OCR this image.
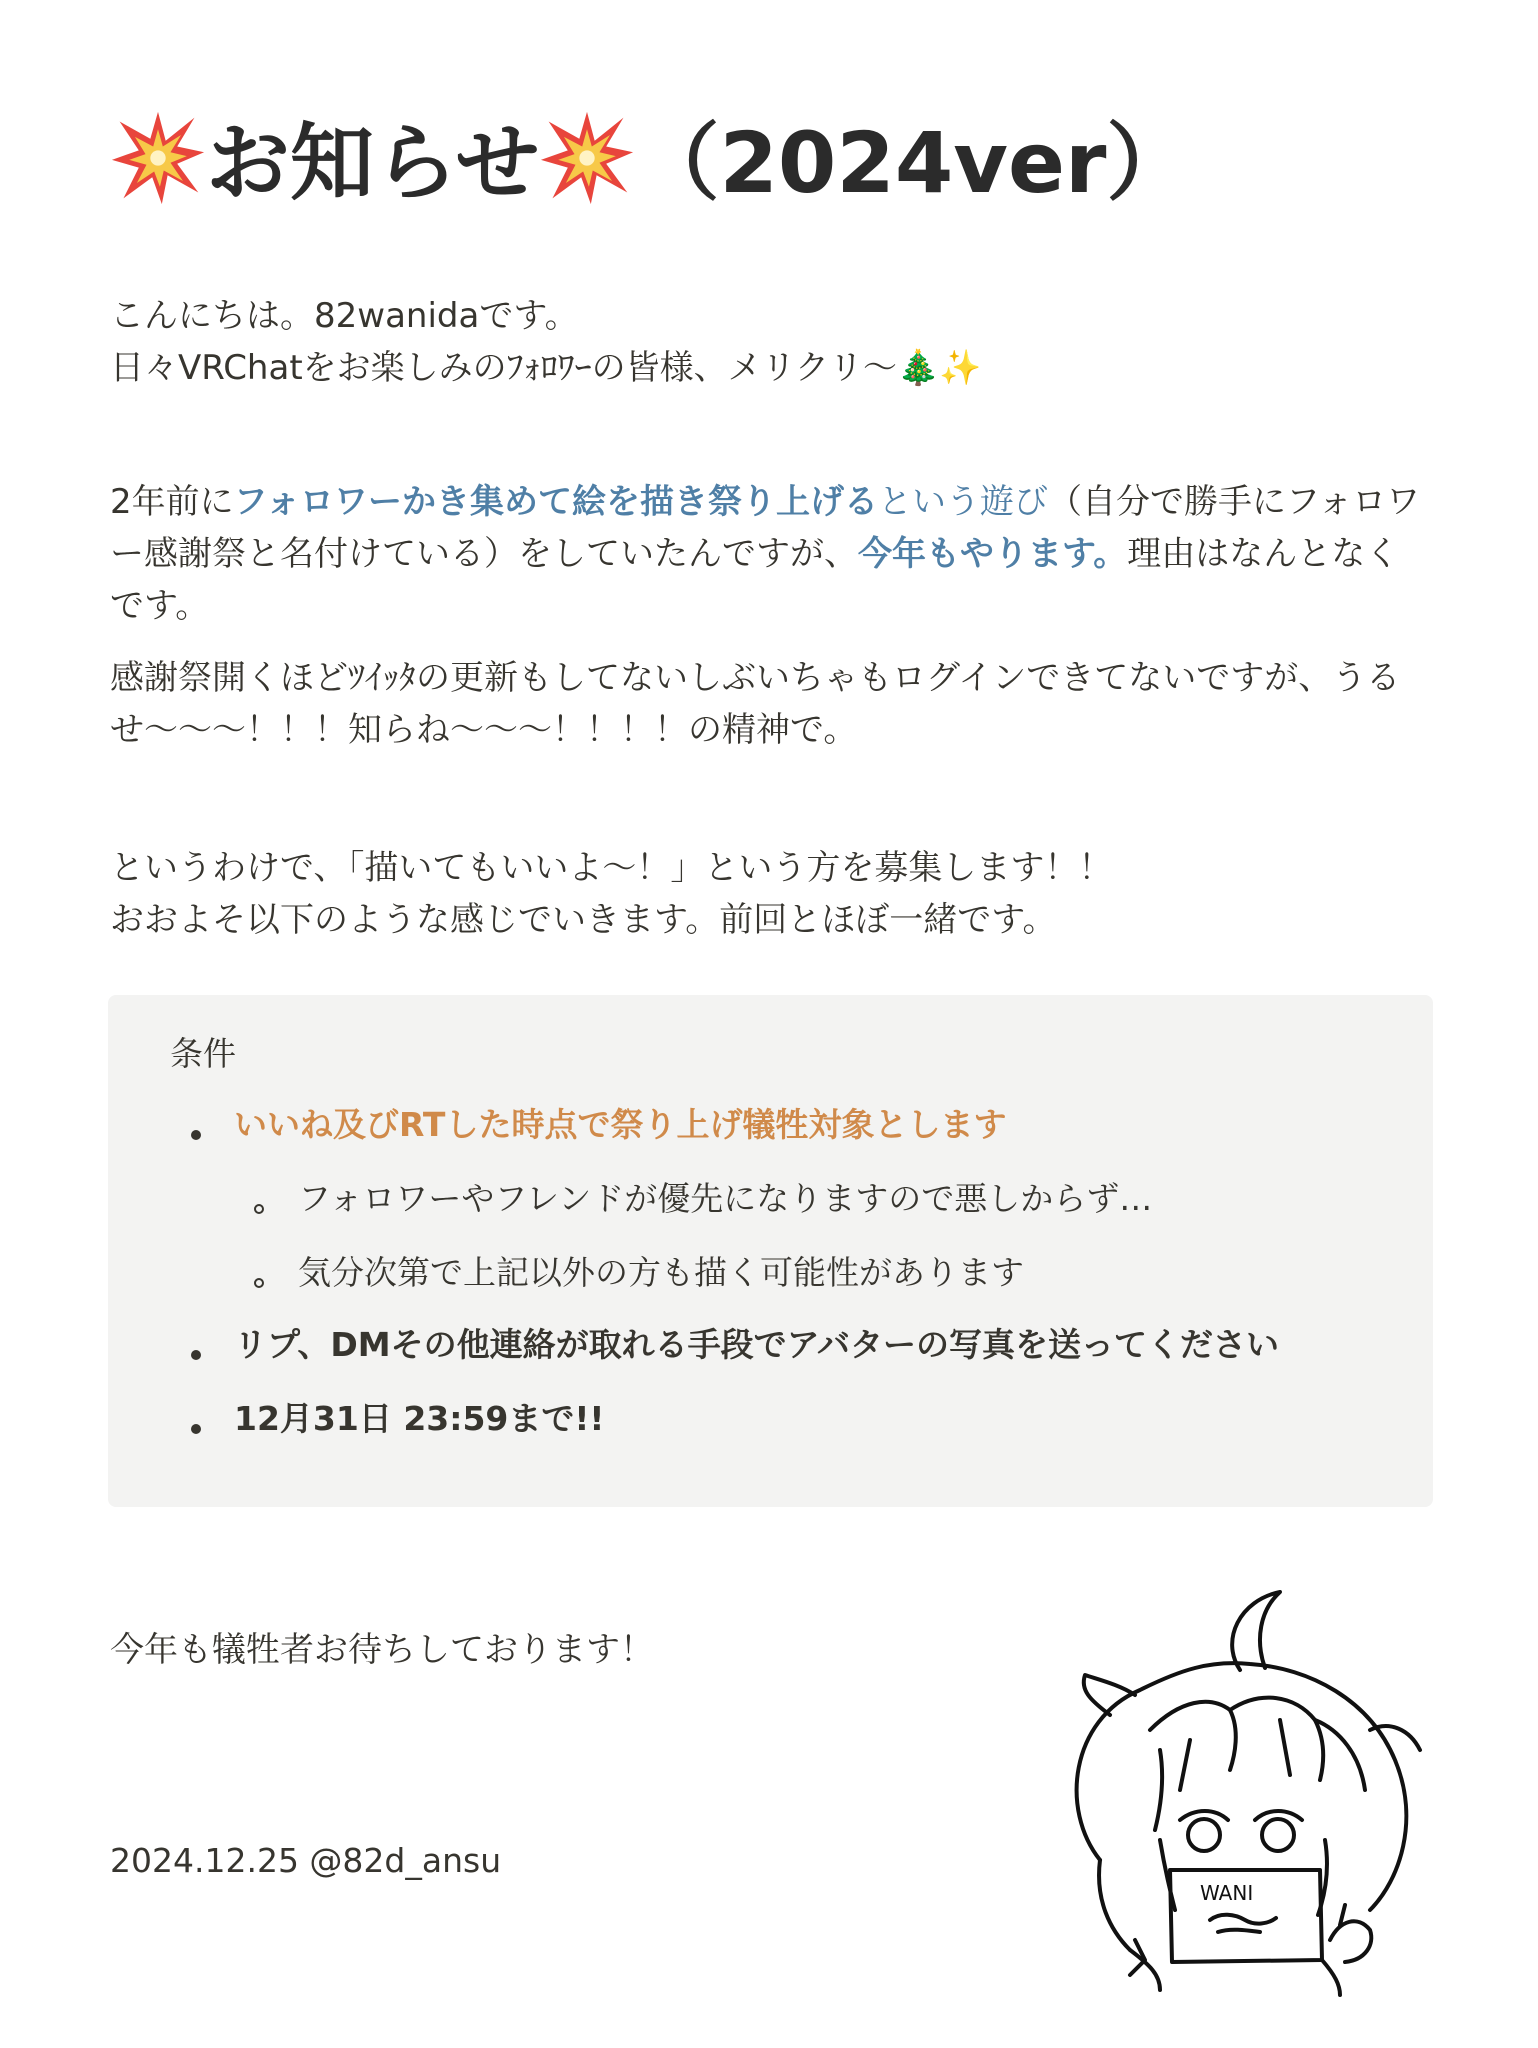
お知らせ （2024ver）
こんにちは。82wanidaです。
日々VRChatをお楽しみのﾌｫﾛﾜｰの皆様、メリクリ〜🎄✨
2年前にフォロワーかき集めて絵を描き祭り上げるという遊び（自分で勝手にフォロワー感謝祭と名付けている）をしていたんですが、今年もやります。理由はなんとなくです。
感謝祭開くほどﾂｲｯﾀの更新もしてないしぶいちゃもログインできてないですが、うるせ〜〜〜！！！知らね〜〜〜！！！！の精神で。
というわけで、「描いてもいいよ〜！」という方を募集します！！
おおよそ以下のような感じでいきます。前回とほぼ一緒です。
条件
いいね及びRTした時点で祭り上げ犠牲対象とします
フォロワーやフレンドが優先になりますので悪しからず…
気分次第で上記以外の方も描く可能性があります
リプ、DMその他連絡が取れる手段でアバターの写真を送ってください
12月31日 23:59まで!!
今年も犠牲者お待ちしております！
2024.12.25 @82d_ansu
WANI
